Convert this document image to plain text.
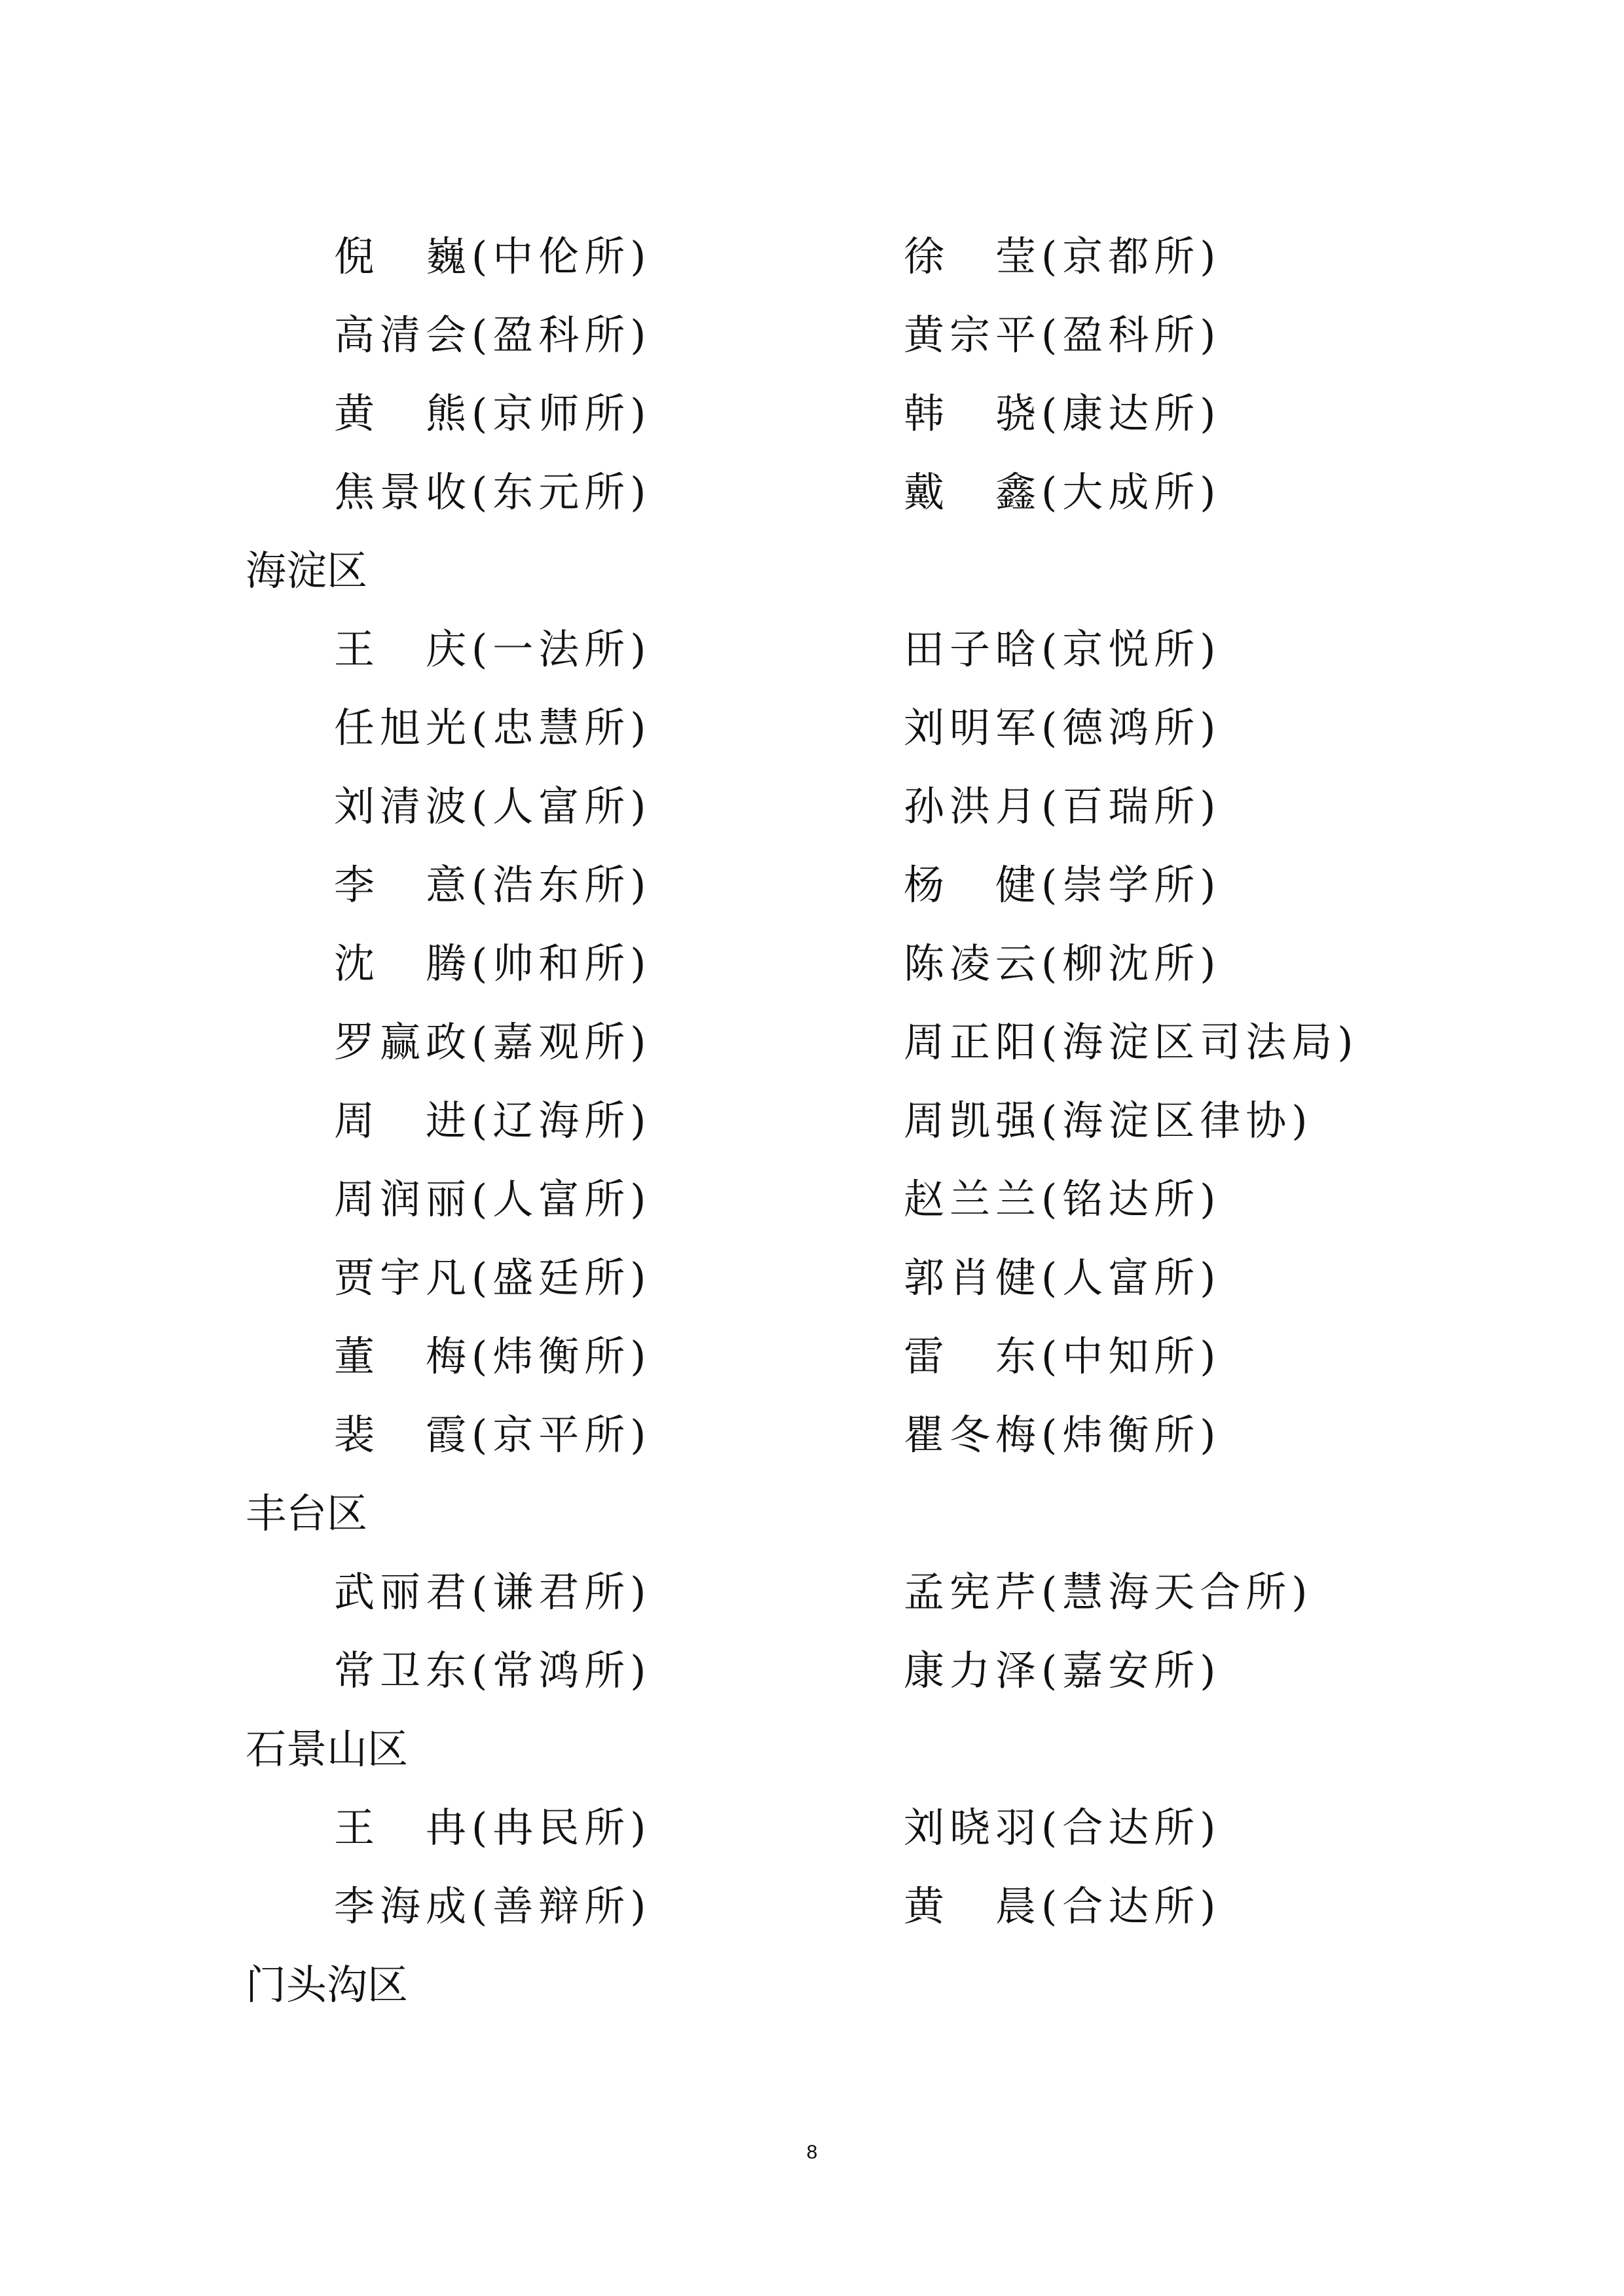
倪　巍(中伦所)	徐　莹(京都所)
高清会(盈科所)	黄宗平(盈科所)
黄　熊(京师所)	韩　骁(康达所)
焦景收(东元所)	戴　鑫(大成所)
海淀区
王　庆(一法所)	田子晗(京悦所)
任旭光(忠慧所)	刘明军(德鸿所)
刘清波(人富所)	孙洪月(百瑞所)
李　意(浩东所)	杨　健(崇学所)
沈　腾(帅和所)	陈凌云(柳沈所)
罗赢政(嘉观所)	周正阳(海淀区司法局)
周　进(辽海所)	周凯强(海淀区律协)
周润丽(人富所)	赵兰兰(铭达所)
贾宇凡(盛廷所)	郭肖健(人富所)
董　梅(炜衡所)	雷　东(中知所)
裴　霞(京平所)	瞿冬梅(炜衡所)
丰台区
武丽君(谦君所)	孟宪芹(慧海天合所)
常卫东(常鸿所)	康力泽(嘉安所)
石景山区
王　冉(冉民所)	刘晓羽(合达所)
李海成(善辩所)	黄　晨(合达所)
门头沟区
8
